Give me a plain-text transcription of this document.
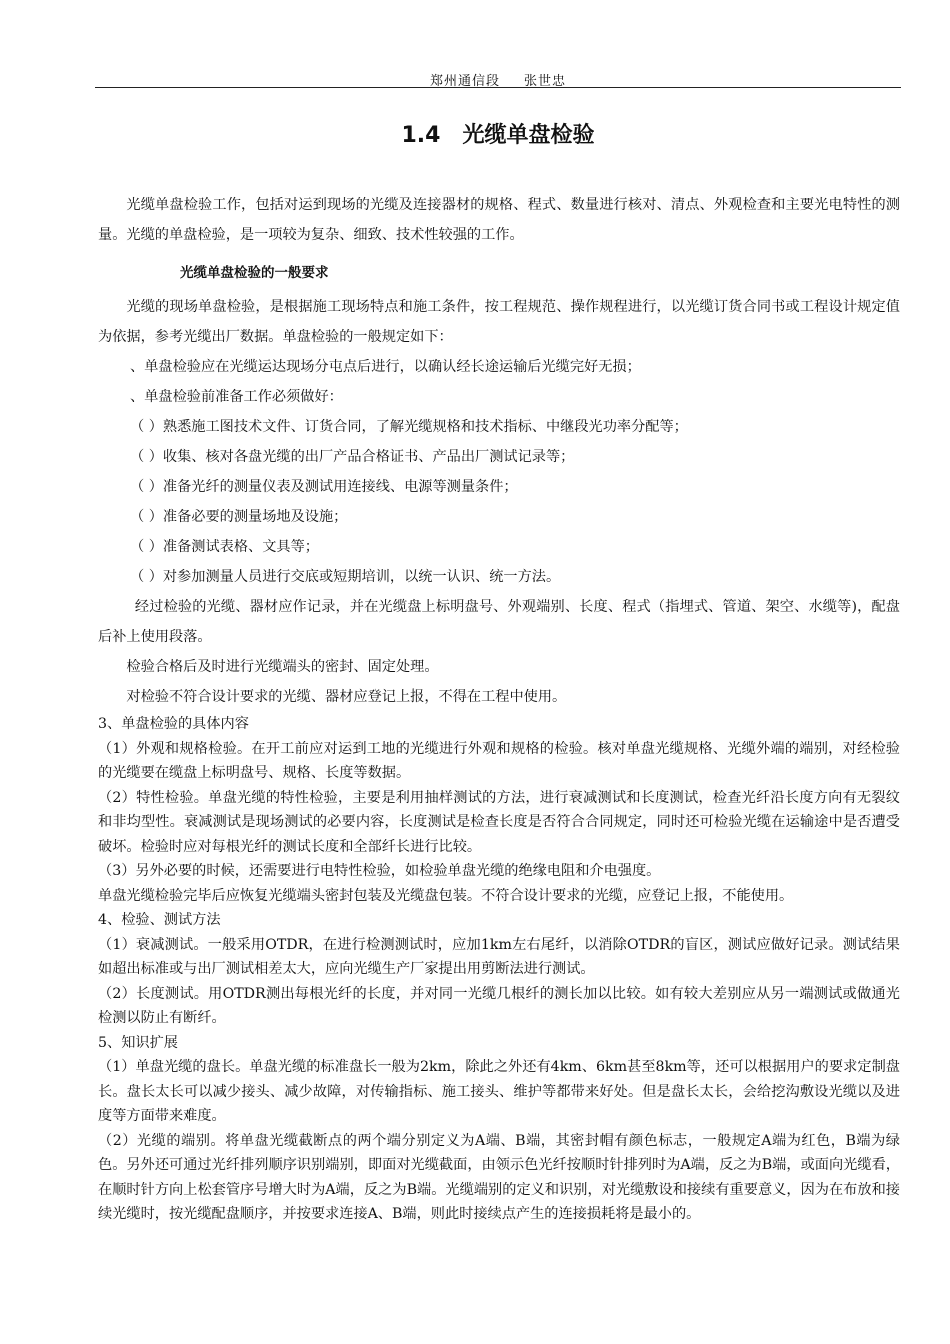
郑州通信段 张世忠
1.4 光缆单盘检验

光缆单盘检验工作，包括对运到现场的光缆及连接器材的规格、程式、数量进行核对、清点、外观检查和主要光电特性的测量。光缆的单盘检验，是一项较为复杂、细致、技术性较强的工作。

光缆单盘检验的一般要求

光缆的现场单盘检验，是根据施工现场特点和施工条件，按工程规范、操作规程进行，以光缆订货合同书或工程设计规定值为依据，参考光缆出厂数据。单盘检验的一般规定如下：

、单盘检验应在光缆运达现场分屯点后进行，以确认经长途运输后光缆完好无损；

、单盘检验前准备工作必须做好：

（ ）熟悉施工图技术文件、订货合同，了解光缆规格和技术指标、中继段光功率分配等；

（ ）收集、核对各盘光缆的出厂产品合格证书、产品出厂测试记录等；

（ ）准备光纤的测量仪表及测试用连接线、电源等测量条件；

（ ）准备必要的测量场地及设施；

（ ）准备测试表格、文具等；

（ ）对参加测量人员进行交底或短期培训，以统一认识、统一方法。

经过检验的光缆、器材应作记录，并在光缆盘上标明盘号、外观端别、长度、程式（指埋式、管道、架空、水缆等)，配盘后补上使用段落。

检验合格后及时进行光缆端头的密封、固定处理。

对检验不符合设计要求的光缆、器材应登记上报，不得在工程中使用。

3、单盘检验的具体内容

（1）外观和规格检验。在开工前应对运到工地的光缆进行外观和规格的检验。核对单盘光缆规格、光缆外端的端别，对经检验的光缆要在缆盘上标明盘号、规格、长度等数据。

（2）特性检验。单盘光缆的特性检验，主要是利用抽样测试的方法，进行衰减测试和长度测试，检查光纤沿长度方向有无裂纹和非均型性。衰减测试是现场测试的必要内容，长度测试是检查长度是否符合合同规定，同时还可检验光缆在运输途中是否遭受破坏。检验时应对每根光纤的测试长度和全部纤长进行比较。

（3）另外必要的时候，还需要进行电特性检验，如检验单盘光缆的绝缘电阻和介电强度。

单盘光缆检验完毕后应恢复光缆端头密封包装及光缆盘包装。不符合设计要求的光缆，应登记上报，不能使用。

4、检验、测试方法

（1）衰减测试。一般采用OTDR，在进行检测测试时，应加1km左右尾纤，以消除OTDR的盲区，测试应做好记录。测试结果如超出标准或与出厂测试相差太大，应向光缆生产厂家提出用剪断法进行测试。

（2）长度测试。用OTDR测出每根光纤的长度，并对同一光缆几根纤的测长加以比较。如有较大差别应从另一端测试或做通光检测以防止有断纤。

5、知识扩展

（1）单盘光缆的盘长。单盘光缆的标准盘长一般为2km，除此之外还有4km、6km甚至8km等，还可以根据用户的要求定制盘长。盘长太长可以减少接头、减少故障，对传输指标、施工接头、维护等都带来好处。但是盘长太长，会给挖沟敷设光缆以及进度等方面带来难度。

（2）光缆的端别。将单盘光缆截断点的两个端分别定义为A端、B端，其密封帽有颜色标志，一般规定A端为红色，B端为绿色。另外还可通过光纤排列顺序识别端别，即面对光缆截面，由领示色光纤按顺时针排列时为A端，反之为B端，或面向光缆看，在顺时针方向上松套管序号增大时为A端，反之为B端。光缆端别的定义和识别，对光缆敷设和接续有重要意义，因为在布放和接续光缆时，按光缆配盘顺序，并按要求连接A、B端，则此时接续点产生的连接损耗将是最小的。
